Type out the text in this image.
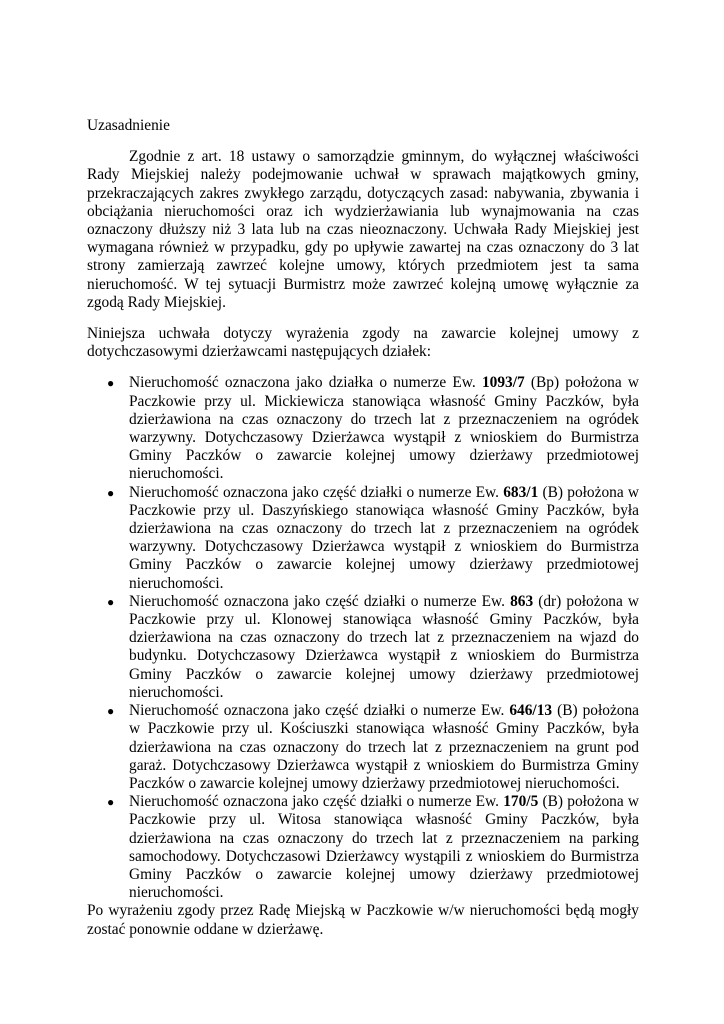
Uzasadnienie

Zgodnie z art. 18 ustawy o samorządzie gminnym, do wyłącznej właściwości Rady Miejskiej należy podejmowanie uchwał w sprawach majątkowych gminy, przekraczających zakres zwykłego zarządu, dotyczących zasad: nabywania, zbywania i obciążania nieruchomości oraz ich wydzierżawiania lub wynajmowania na czas oznaczony dłuższy niż 3 lata lub na czas nieoznaczony. Uchwała Rady Miejskiej jest wymagana również w przypadku, gdy po upływie zawartej na czas oznaczony do 3 lat strony zamierzają zawrzeć kolejne umowy, których przedmiotem jest ta sama nieruchomość. W tej sytuacji Burmistrz może zawrzeć kolejną umowę wyłącznie za zgodą Rady Miejskiej.

Niniejsza uchwała dotyczy wyrażenia zgody na zawarcie kolejnej umowy z dotychczasowymi dzierżawcami następujących działek:

● Nieruchomość oznaczona jako działka o numerze Ew. 1093/7 (Bp) położona w Paczkowie przy ul. Mickiewicza stanowiąca własność Gminy Paczków, była dzierżawiona na czas oznaczony do trzech lat z przeznaczeniem na ogródek warzywny. Dotychczasowy Dzierżawca wystąpił z wnioskiem do Burmistrza Gminy Paczków o zawarcie kolejnej umowy dzierżawy przedmiotowej nieruchomości.
● Nieruchomość oznaczona jako część działki o numerze Ew. 683/1 (B) położona w Paczkowie przy ul. Daszyńskiego stanowiąca własność Gminy Paczków, była dzierżawiona na czas oznaczony do trzech lat z przeznaczeniem na ogródek warzywny. Dotychczasowy Dzierżawca wystąpił z wnioskiem do Burmistrza Gminy Paczków o zawarcie kolejnej umowy dzierżawy przedmiotowej nieruchomości.
● Nieruchomość oznaczona jako część działki o numerze Ew. 863 (dr) położona w Paczkowie przy ul. Klonowej stanowiąca własność Gminy Paczków, była dzierżawiona na czas oznaczony do trzech lat z przeznaczeniem na wjazd do budynku. Dotychczasowy Dzierżawca wystąpił z wnioskiem do Burmistrza Gminy Paczków o zawarcie kolejnej umowy dzierżawy przedmiotowej nieruchomości.
● Nieruchomość oznaczona jako część działki o numerze Ew. 646/13 (B) położona w Paczkowie przy ul. Kościuszki stanowiąca własność Gminy Paczków, była dzierżawiona na czas oznaczony do trzech lat z przeznaczeniem na grunt pod garaż. Dotychczasowy Dzierżawca wystąpił z wnioskiem do Burmistrza Gminy Paczków o zawarcie kolejnej umowy dzierżawy przedmiotowej nieruchomości.
● Nieruchomość oznaczona jako część działki o numerze Ew. 170/5 (B) położona w Paczkowie przy ul. Witosa stanowiąca własność Gminy Paczków, była dzierżawiona na czas oznaczony do trzech lat z przeznaczeniem na parking samochodowy. Dotychczasowi Dzierżawcy wystąpili z wnioskiem do Burmistrza Gminy Paczków o zawarcie kolejnej umowy dzierżawy przedmiotowej nieruchomości.

Po wyrażeniu zgody przez Radę Miejską w Paczkowie w/w nieruchomości będą mogły zostać ponownie oddane w dzierżawę.
